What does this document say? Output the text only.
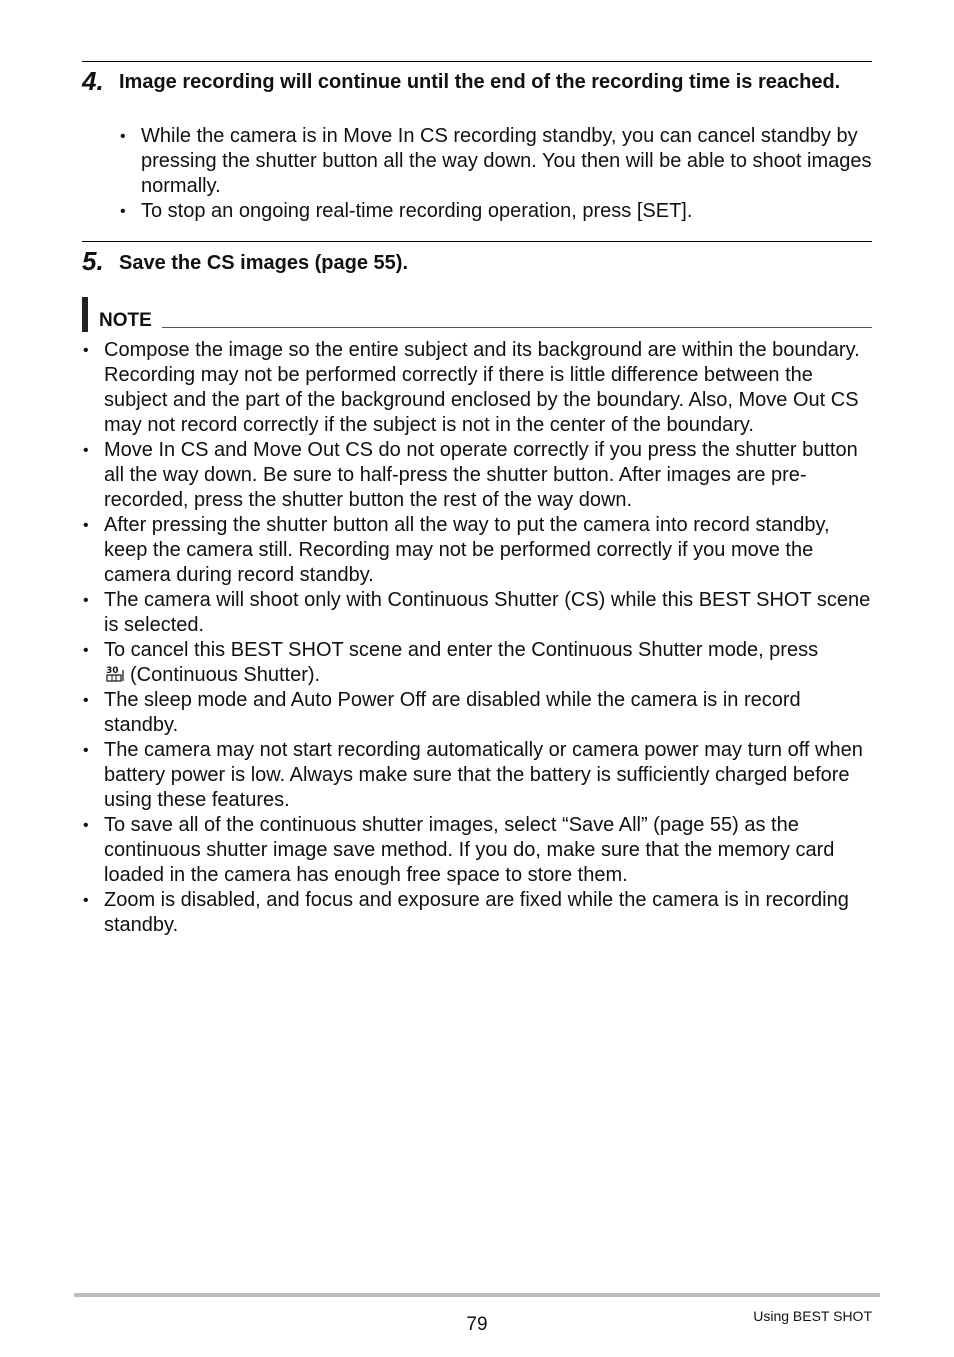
4. Image recording will continue until the end of the recording time is reached.
• While the camera is in Move In CS recording standby, you can cancel standby by pressing the shutter button all the way down. You then will be able to shoot images normally.
• To stop an ongoing real-time recording operation, press [SET].
5. Save the CS images (page 55).
NOTE
• Compose the image so the entire subject and its background are within the boundary. Recording may not be performed correctly if there is little difference between the subject and the part of the background enclosed by the boundary. Also, Move Out CS may not record correctly if the subject is not in the center of the boundary.
• Move In CS and Move Out CS do not operate correctly if you press the shutter button all the way down. Be sure to half-press the shutter button. After images are pre-recorded, press the shutter button the rest of the way down.
• After pressing the shutter button all the way to put the camera into record standby, keep the camera still. Recording may not be performed correctly if you move the camera during record standby.
• The camera will shoot only with Continuous Shutter (CS) while this BEST SHOT scene is selected.
• To cancel this BEST SHOT scene and enter the Continuous Shutter mode, press

30 (Continuous Shutter).
• The sleep mode and Auto Power Off are disabled while the camera is in record standby.
• The camera may not start recording automatically or camera power may turn off when battery power is low. Always make sure that the battery is sufficiently charged before using these features.
• To save all of the continuous shutter images, select “Save All” (page 55) as the continuous shutter image save method. If you do, make sure that the memory card loaded in the camera has enough free space to store them.
• Zoom is disabled, and focus and exposure are fixed while the camera is in recording standby.
79	Using BEST SHOT
